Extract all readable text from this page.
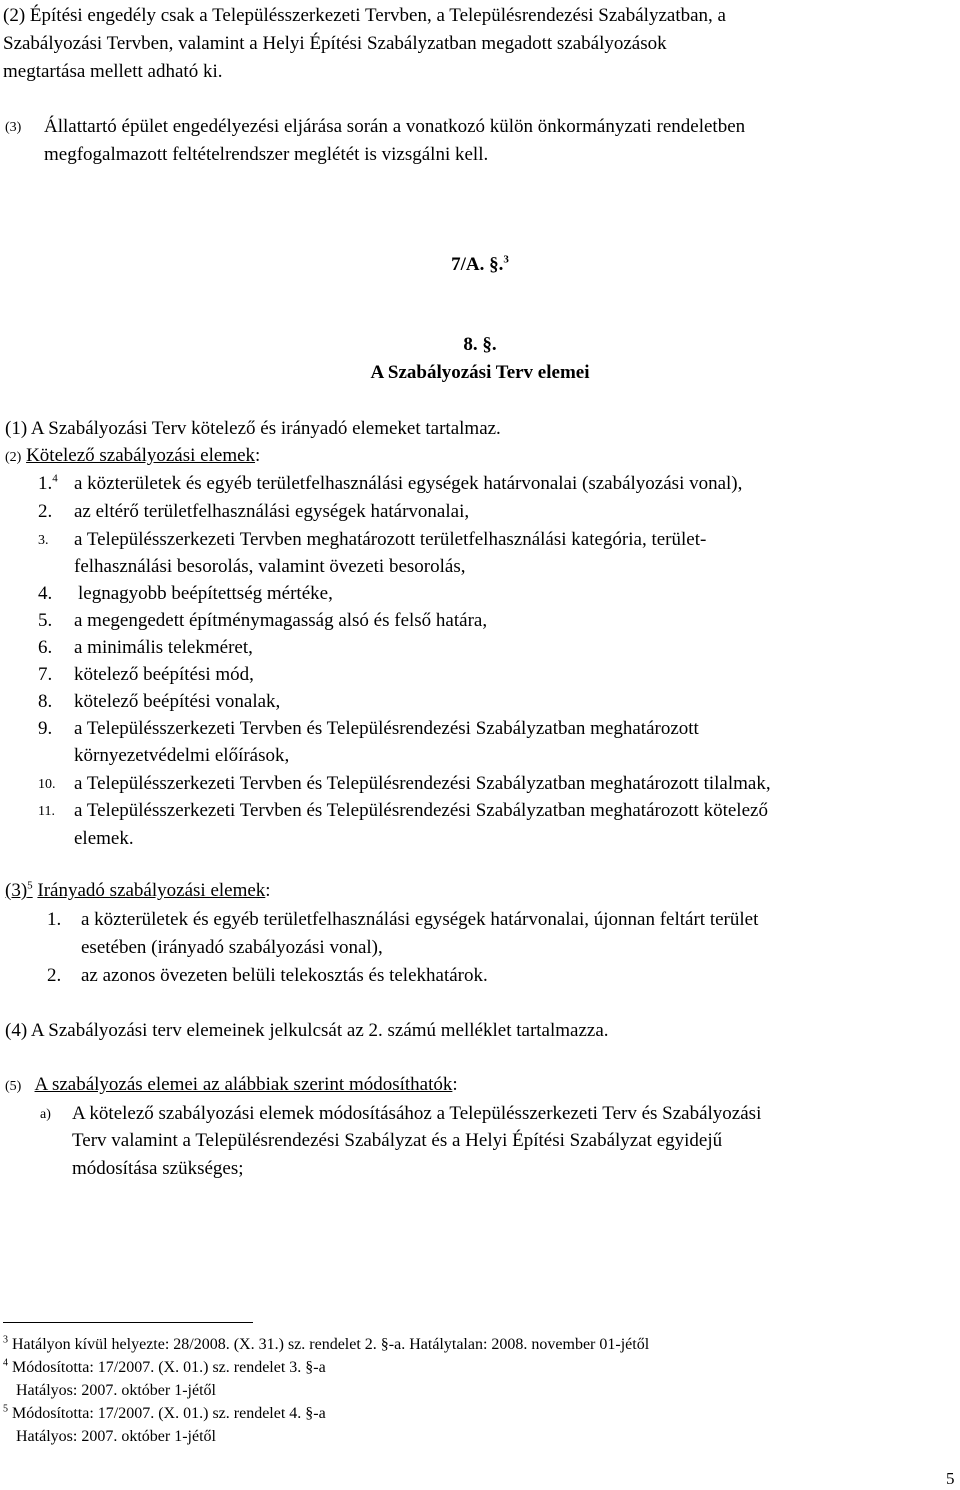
(2) Építési engedély csak a Településszerkezeti Tervben, a Településrendezési Szabályzatban, a
Szabályozási Tervben, valamint a Helyi Építési Szabályzatban megadott szabályozások
megtartása mellett adható ki.
(3) Állattartó épület engedélyezési eljárása során a vonatkozó külön önkormányzati rendeletben
megfogalmazott feltételrendszer meglétét is vizsgálni kell.
7/A. §.$^3$
8. §.
A Szabályozási Terv elemei
(1) A Szabályozási Terv kötelező és irányadó elemeket tartalmaz.
(2) Kötelező szabályozási elemek:
1.$^4$ a közterületek és egyéb területfelhasználási egységek határvonalai (szabályozási vonal),
2. az eltérő területfelhasználási egységek határvonalai,
3. a Településszerkezeti Tervben meghatározott területfelhasználási kategória, terület-
felhasználási besorolás, valamint övezeti besorolás,
4. legnagyobb beépítettség mértéke,
5. a megengedett építménymagasság alsó és felső határa,
6. a minimális telekméret,
7. kötelező beépítési mód,
8. kötelező beépítési vonalak,
9. a Településszerkezeti Tervben és Településrendezési Szabályzatban meghatározott
környezetvédelmi előírások,
10. a Településszerkezeti Tervben és Településrendezési Szabályzatban meghatározott tilalmak,
11. a Településszerkezeti Tervben és Településrendezési Szabályzatban meghatározott kötelező
elemek.
$(3)^5$ Irányadó szabályozási elemek:
1. a közterületek és egyéb területfelhasználási egységek határvonalai, újonnan feltárt terület
esetében (irányadó szabályozási vonal),
2. az azonos övezeten belüli telekosztás és telekhatárok.
(4) A Szabályozási terv elemeinek jelkulcsát az 2. számú melléklet tartalmazza.
(5) A szabályozás elemei az alábbiak szerint módosíthatók:
a) A kötelező szabályozási elemek módosításához a Településszerkezeti Terv és Szabályozási
Terv valamint a Településrendezési Szabályzat és a Helyi Építési Szabályzat egyidejű
módosítása szükséges;
$^3$ Hatályon kívül helyezte: 28/2008. (X. 31.) sz. rendelet 2. §-a. Hatálytalan: 2008. november 01-jétől
$^4$ Módosította: 17/2007. (X. 01.) sz. rendelet 3. §-a
Hatályos: 2007. október 1-jétől
$^5$ Módosította: 17/2007. (X. 01.) sz. rendelet 4. §-a
Hatályos: 2007. október 1-jétől
5
